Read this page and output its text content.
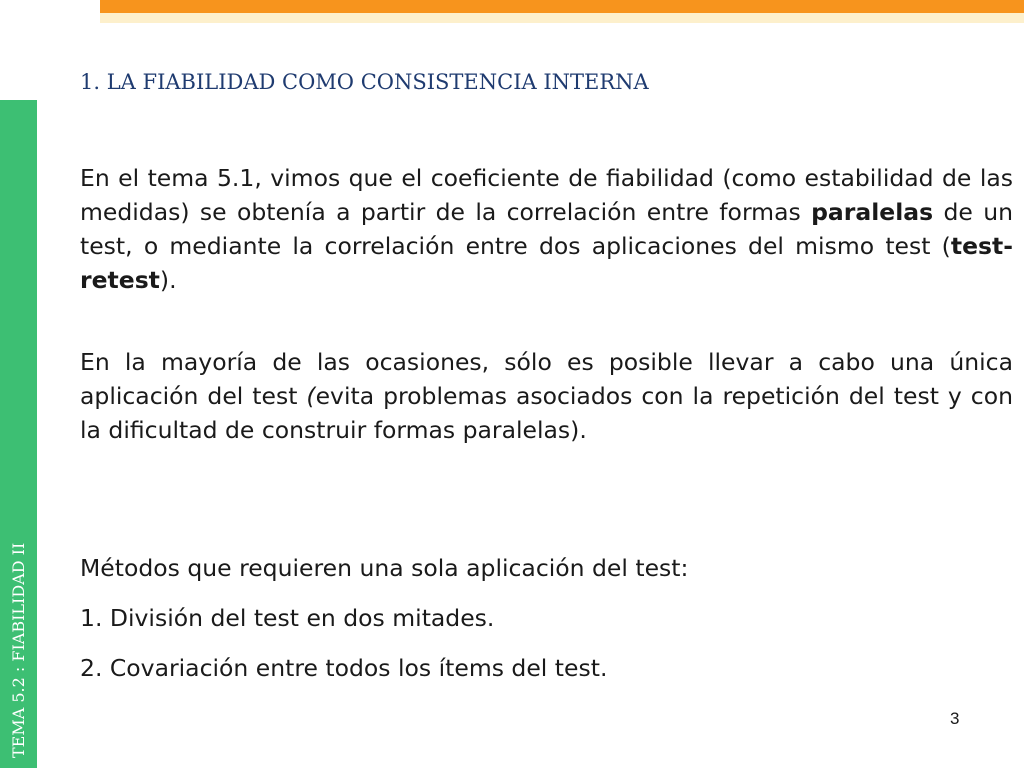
TEMA 5.2 : FIABILIDAD II
1. LA FIABILIDAD COMO CONSISTENCIA INTERNA

En el tema 5.1, vimos que el coeficiente de fiabilidad (como estabilidad de las medidas) se obtenía a partir de la correlación entre formas paralelas de un test, o mediante la correlación entre dos aplicaciones del mismo test (test-retest).

En la mayoría de las ocasiones, sólo es posible llevar a cabo una única aplicación del test (evita problemas asociados con la repetición del test y con la dificultad de construir formas paralelas).

Métodos que requieren una sola aplicación del test:

1. División del test en dos mitades.

2. Covariación entre todos los ítems del test.

3
